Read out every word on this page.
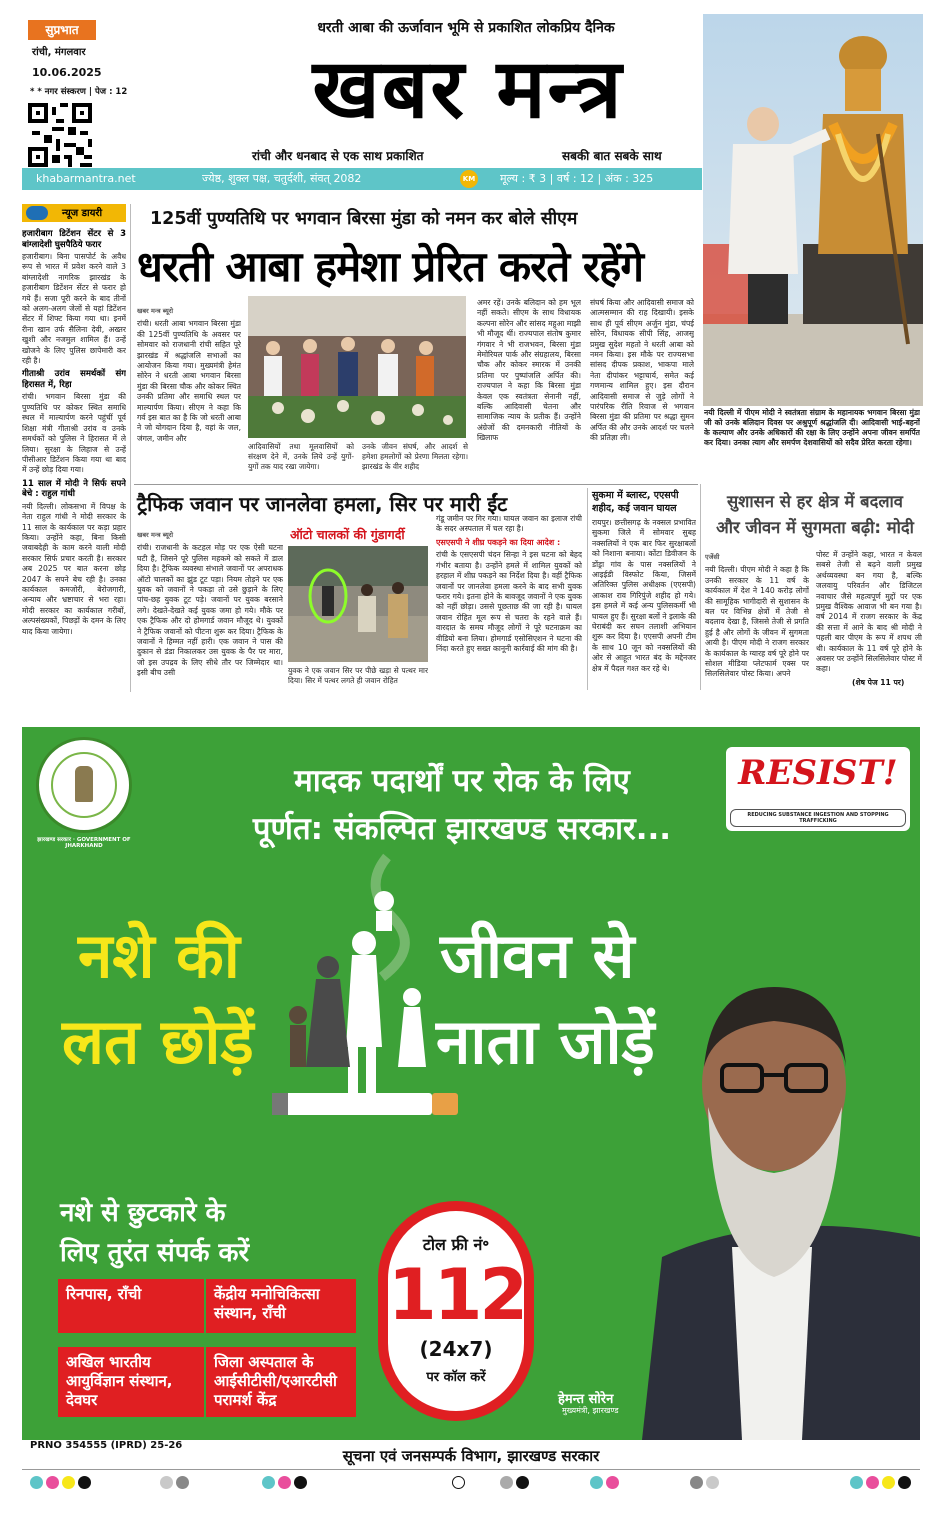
सुप्रभात
रांची, मंगलवार
10.06.2025
* * नगर संस्करण | पेज : 12
धरती आबा की ऊर्जावान भूमि से प्रकाशित लोकप्रिय दैनिक
खबर मन्त्र
रांची और धनबाद से एक साथ प्रकाशित	सबकी बात सबके साथ
khabarmantra.net	ज्येष्ठ, शुक्ल पक्ष, चतुर्दशी, संवत् 2082	KM मूल्य : ₹ 3 | वर्ष : 12 | अंक : 325
नयी दिल्ली में पीएम मोदी ने स्वतंत्रता संग्राम के महानायक भगवान बिरसा मुंडा जी को उनके बलिदान दिवस पर अश्रुपूर्ण श्रद्धांजलि दी। आदिवासी भाई-बहनों के कल्याण और उनके अधिकारों की रक्षा के लिए उन्होंने अपना जीवन समर्पित कर दिया। उनका त्याग और समर्पण देशवासियों को सदैव प्रेरित करता रहेगा।
न्यूज डायरी

हजारीबाग डिटेंशन सेंटर से 3 बांग्लादेशी घुसपैठिये फरार

हजारीबाग। बिना पासपोर्ट के अवैध रूप से भारत में प्रवेश करने वाले 3 बांग्लादेशी नागरिक झारखंड के हजारीबाग डिटेंशन सेंटर से फरार हो गये हैं। सजा पूरी करने के बाद तीनों को अलग-अलग जेलों से यहां डिटेंशन सेंटर में शिफ्ट किया गया था। इनमें रीना खान उर्फ सैलिना देवी, अख्तर खुशी और नजमुल शामिल हैं। उन्हें खोजने के लिए पुलिस छापेमारी कर रही है।

गीताश्री उरांव समर्थकों संग हिरासत में, रिहा

रांची। भगवान बिरसा मुंडा की पुण्यतिथि पर कोकर स्थित समाधि स्थल में माल्यार्पण करने पहुंचीं पूर्व शिक्षा मंत्री गीताश्री उरांव व उनके समर्थकों को पुलिस ने हिरासत में ले लिया। सुरक्षा के लिहाज से उन्हें पीसीआर डिटेंशन किया गया था बाद में उन्हें छोड़ दिया गया।

11 साल में मोदी ने सिर्फ सपने बेचे : राहुल गांधी

नयी दिल्ली। लोकसभा में विपक्ष के नेता राहुल गांधी ने मोदी सरकार के 11 साल के कार्यकाल पर कड़ा प्रहार किया। उन्होंने कहा, बिना किसी जवाबदेही के काम करने वाली मोदी सरकार सिर्फ प्रचार करती है। सरकार अब 2025 पर बात करना छोड़ 2047 के सपने बेच रही है। उनका कार्यकाल कमजोरी, बेरोजगारी, अन्याय और भ्रष्टाचार से भरा रहा। मोदी सरकार का कार्यकाल गरीबों, अल्पसंख्यकों, पिछड़ों के दमन के लिए याद किया जायेगा।

125वीं पुण्यतिथि पर भगवान बिरसा मुंडा को नमन कर बोले सीएम
धरती आबा हमेशा प्रेरित करते रहेंगे
खबर मन्त्र ब्यूरो

रांची। धरती आबा भगवान बिरसा मुंडा की 125वीं पुण्यतिथि के अवसर पर सोमवार को राजधानी रांची सहित पूरे झारखंड में श्रद्धांजलि सभाओं का आयोजन किया गया। मुख्यमंत्री हेमंत सोरेन ने धरती आबा भगवान बिरसा मुंडा की बिरसा चौक और कोकर स्थित उनकी प्रतिमा और समाधि स्थल पर माल्यार्पण किया। सीएम ने कहा कि गर्व इस बात का है कि जो धरती आबा ने जो योगदान दिया है, वहां के जल, जंगल, जमीन और

आदिवासियों तथा मूलवासियों को संरक्षण देने में, उनके लिये उन्हें युगों-युगों तक याद रखा जायेगा।
उनके जीवन संघर्ष, और आदर्श से हमेशा हमलोगों को प्रेरणा मिलता रहेगा। झारखंड के वीर शहीद

अमर रहें। उनके बलिदान को हम भूल नहीं सकते। सीएम के साथ विधायक कल्पना सोरेन और सांसद महुआ माझी भी मौजूद थीं। राज्यपाल संतोष कुमार गंगवार ने भी राजभवन, बिरसा मुंडा मेमोरियल पार्क और संग्रहालय, बिरसा चौक और कोकर स्मारक में उनकी प्रतिमा पर पुष्पांजलि अर्पित की। राज्यपाल ने कहा कि बिरसा मुंडा केवल एक स्वतंत्रता सेनानी नहीं, बल्कि आदिवासी चेतना और सामाजिक न्याय के प्रतीक हैं। उन्होंने अंग्रेजों की दमनकारी नीतियों के खिलाफ

संघर्ष किया और आदिवासी समाज को आत्मसम्मान की राह दिखायी। इसके साथ ही पूर्व सीएम अर्जुन मुंडा, चंपई सोरेन, विधायक सीपी सिंह, आजसू प्रमुख सुदेश महतो ने धरती आबा को नमन किया। इस मौके पर राज्यसभा सांसद दीपक प्रकाश, भाकपा माले नेता दीपांकर भट्टाचार्य, समेत कई गणमान्य शामिल हुए। इस दौरान आदिवासी समाज से जुड़े लोगों ने पारंपरिक रीति रिवाज से भगवान बिरसा मुंडा की प्रतिमा पर श्रद्धा सुमन अर्पित की और उनके आदर्श पर चलने की प्रतिज्ञा ली।

ट्रैफिक जवान पर जानलेवा हमला, सिर पर मारी ईंट
खबर मन्त्र ब्यूरो

रांची। राजधानी के कटहल मोड़ पर एक ऐसी घटना घटी है, जिसने पूरे पुलिस महकमे को सकते में डाल दिया है। ट्रैफिक व्यवस्था संभाले जवानों पर अपराधक ऑटो चालकों का झुंड टूट पड़ा। नियम तोड़ने पर एक युवक को जवानों ने पकड़ा तो उसे छुड़ाने के लिए पांच-छह युवक टूट पड़े। जवानों पर युवक बरसाने लगे। देखते-देखते कई युवक जमा हो गये। मौके पर एक ट्रैफिक और दो होमगार्ड जवान मौजूद थे। युवकों ने ट्रैफिक जवानों को पीटना शुरू कर दिया। ट्रैफिक के जवानों ने हिम्मत नहीं हारी। एक जवान ने पास की दुकान से डंडा निकालकर उस युवक के पैर पर मारा, जो इस उपद्रव के लिए सीधे तौर पर जिम्मेदार था। इसी बीच उसी

ऑटो चालकों की गुंडागर्दी
युवक ने एक जवान सिर पर पीछे खड़ा से पत्थर मार दिया। सिर में पत्थर लगते ही जवान रोहित

गंडू जमीन पर गिर गया। घायल जवान का इलाज रांची के सदर अस्पताल में चल रहा है।

एसएसपी ने शीघ्र पकड़ने का दिया आदेश :

रांची के एसएसपी चंदन सिन्हा ने इस घटना को बेहद गंभीर बताया है। उन्होंने हमले में शामिल युवकों को हरहाल में शीघ्र पकड़ने का निर्देश दिया है। वहीं ट्रैफिक जवानों पर जानलेवा हमला करने के बाद सभी युवक फरार गये। इतना होने के बावजूद जवानों ने एक युवक को नहीं छोड़ा। उससे पूछताछ की जा रही है। घायल जवान रोहित मूल रूप से चतरा के रहने वाले हैं। वारदात के समय मौजूद लोगों ने पूरे घटनाक्रम का वीडियो बना लिया। होमगार्ड एसोसिएशन ने घटना की निंदा करते हुए सख्त कानूनी कार्रवाई की मांग की है।

सुकमा में ब्लास्ट, एएसपी शहीद, कई जवान घायल

रायपुर। छत्तीसगढ़ के नक्सल प्रभावित सुकमा जिले में सोमवार सुबह नक्सलियों ने एक बार फिर सुरक्षाबलों को निशाना बनाया। कोंटा डिवीजन के डोंड्रा गांव के पास नक्सलियों ने आइईडी विस्फोट किया, जिसमें अतिरिक्त पुलिस अधीक्षक (एएसपी) आकाश राव गिरिपुंजे शहीद हो गये। इस हमले में कई अन्य पुलिसकर्मी भी घायल हुए हैं। सुरक्षा बलों ने इलाके की घेराबंदी कर सघन तलाशी अभियान शुरू कर दिया है। एएसपी अपनी टीम के साथ 10 जून को नक्सलियों की ओर से आहूत भारत बंद के मद्देनजर क्षेत्र में पैदल गश्त कर रहे थे।

सुशासन से हर क्षेत्र में बदलाव
और जीवन में सुगमता बढ़ी: मोदी
एजेंसी

नयी दिल्ली। पीएम मोदी ने कहा है कि उनकी सरकार के 11 वर्ष के कार्यकाल में देश ने 140 करोड़ लोगों की सामूहिक भागीदारी से सुशासन के बल पर विभिन्न क्षेत्रों में तेजी से बदलाव देखा है, जिससे तेजी से प्रगति हुई है और लोगों के जीवन में सुगमता आयी है। पीएम मोदी ने राजग सरकार के कार्यकाल के ग्यारह वर्ष पूरे होने पर सोशल मीडिया प्लेटफार्म एक्स पर सिलसिलेवार पोस्ट किया। अपने

पोस्ट में उन्होंने कहा, भारत न केवल सबसे तेजी से बढ़ने वाली प्रमुख अर्थव्यवस्था बन गया है, बल्कि जलवायु परिवर्तन और डिजिटल नवाचार जैसे महत्वपूर्ण मुद्दों पर एक प्रमुख वैश्विक आवाज भी बन गया है। वर्ष 2014 में राजग सरकार के केंद्र की सत्ता में आने के बाद श्री मोदी ने पहली बार पीएम के रूप में शपथ ली थी। कार्यकाल के 11 वर्ष पूरे होने के अवसर पर उन्होंने सिलसिलेवार पोस्ट में कहा।

(शेष पेज 11 पर)
झारखण्ड सरकार · GOVERNMENT OF JHARKHAND
मादक पदार्थों पर रोक के लिए
पूर्णत: संकल्पित झारखण्ड सरकार...
RESIST!
REDUCING SUBSTANCE INGESTION AND STOPPING TRAFFICKING
नशे की
लत छोड़ें
जीवन से
नाता जोड़ें
नशे से छुटकारे के
लिए तुरंत संपर्क करें
रिनपास, राँची	केंद्रीय मनोचिकित्सा संस्थान, राँची
अखिल भारतीय आयुर्विज्ञान संस्थान, देवघर
जिला अस्पताल के आईसीटीसी/एआरटीसी परामर्श केंद्र
टोल फ्री नं॰
112
(24x7)
पर कॉल करें
हेमन्त सोरेन
मुख्यमंत्री, झारखण्ड
PRNO 354555 (IPRD) 25-26
सूचना एवं जनसम्पर्क विभाग, झारखण्ड सरकार
